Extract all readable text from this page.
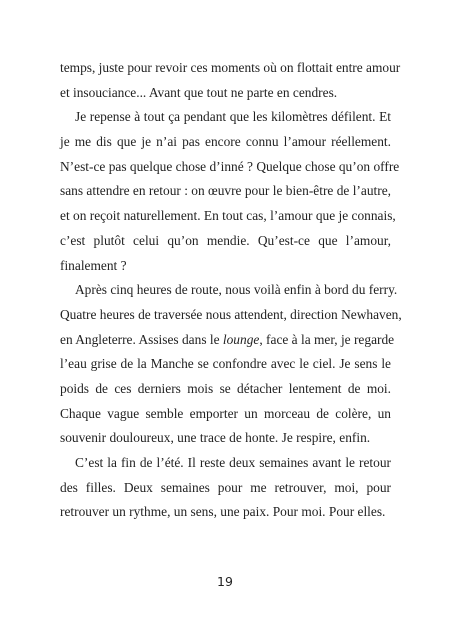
temps, juste pour revoir ces moments où on flottait entre amour
et insouciance... Avant que tout ne parte en cendres.
Je repense à tout ça pendant que les kilomètres défilent. Et
je me dis que je n’ai pas encore connu l’amour réellement.
N’est-ce pas quelque chose d’inné ? Quelque chose qu’on offre
sans attendre en retour : on œuvre pour le bien-être de l’autre,
et on reçoit naturellement. En tout cas, l’amour que je connais,
c’est plutôt celui qu’on mendie. Qu’est-ce que l’amour,
finalement ?
Après cinq heures de route, nous voilà enfin à bord du ferry.
Quatre heures de traversée nous attendent, direction Newhaven,
en Angleterre. Assises dans le lounge, face à la mer, je regarde
l’eau grise de la Manche se confondre avec le ciel. Je sens le
poids de ces derniers mois se détacher lentement de moi.
Chaque vague semble emporter un morceau de colère, un
souvenir douloureux, une trace de honte. Je respire, enfin.
C’est la fin de l’été. Il reste deux semaines avant le retour
des filles. Deux semaines pour me retrouver, moi, pour
retrouver un rythme, un sens, une paix. Pour moi. Pour elles.
19
